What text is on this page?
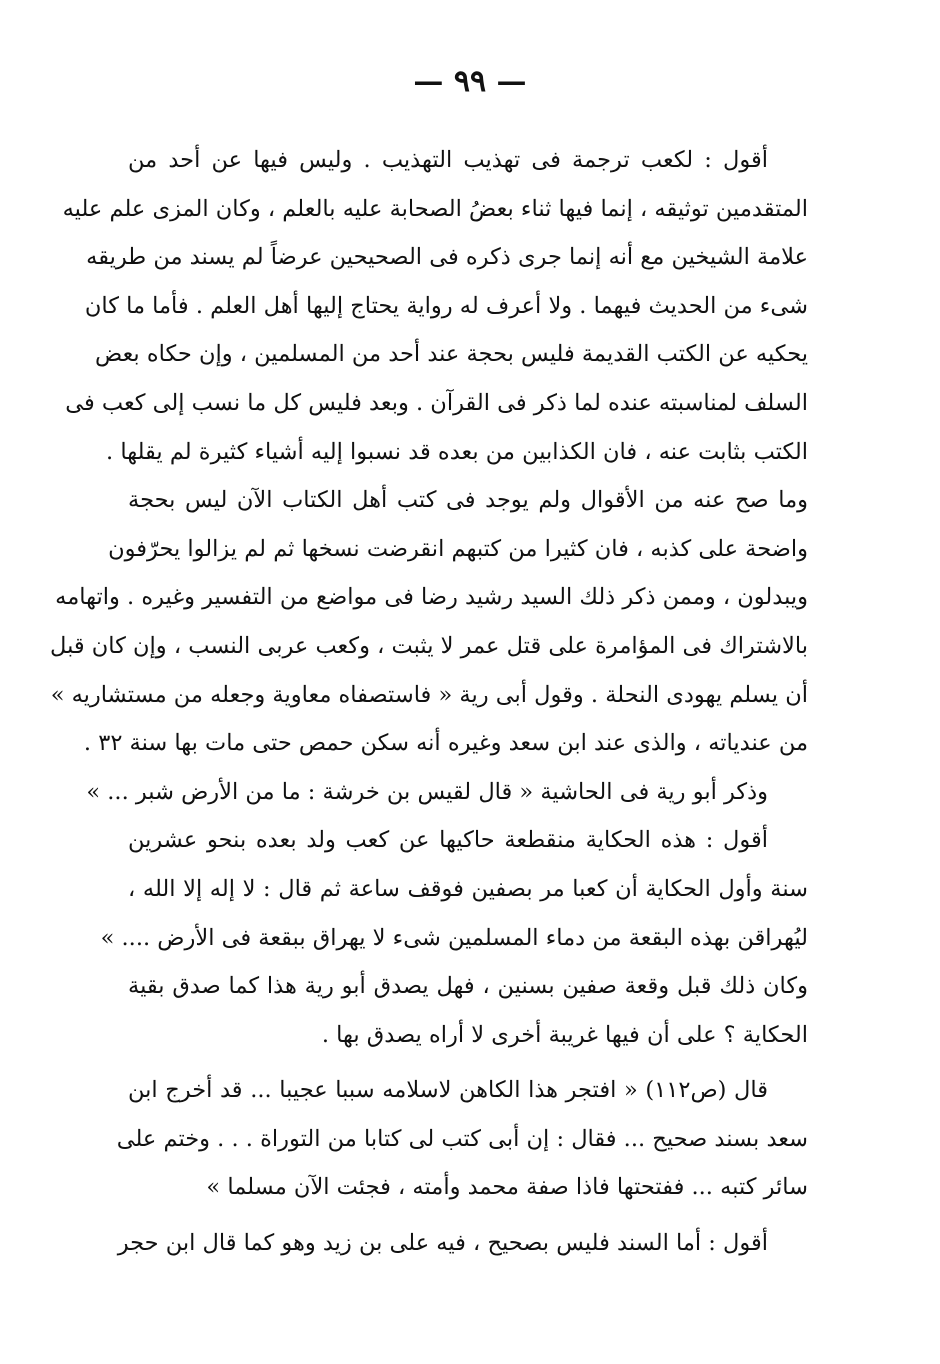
— ٩٩ —
أقول : لكعب ترجمة فى تهذيب التهذيب . وليس فيها عن أحد من
المتقدمين توثيقه ، إنما فيها ثناء بعضُ الصحابة عليه بالعلم ، وكان المزى علم عليه
علامة الشيخين مع أنه إنما جرى ذكره فى الصحيحين عرضاً لم يسند من طريقه
شىء من الحديث فيهما . ولا أعرف له رواية يحتاج إليها أهل العلم . فأما ما كان
يحكيه عن الكتب القديمة فليس بحجة عند أحد من المسلمين ، وإن حكاه بعض
السلف لمناسبته عنده لما ذكر فى القرآن . وبعد فليس كل ما نسب إلى كعب فى
الكتب بثابت عنه ، فان الكذابين من بعده قد نسبوا إليه أشياء كثيرة لم يقلها .
وما صح عنه من الأقوال ولم يوجد فى كتب أهل الكتاب الآن ليس بحجة
واضحة على كذبه ، فان كثيرا من كتبهم انقرضت نسخها ثم لم يزالوا يحرّفون
ويبدلون ، وممن ذكر ذلك السيد رشيد رضا فى مواضع من التفسير وغيره . واتهامه
بالاشتراك فى المؤامرة على قتل عمر لا يثبت ، وكعب عربى النسب ، وإن كان قبل
أن يسلم يهودى النحلة . وقول أبى رية « فاستصفاه معاوية وجعله من مستشاريه »
من عندياته ، والذى عند ابن سعد وغيره أنه سكن حمص حتى مات بها سنة ٣٢ .
وذكر أبو رية فى الحاشية « قال لقيس بن خرشة : ما من الأرض شبر ... »
أقول : هذه الحكاية منقطعة حاكيها عن كعب ولد بعده بنحو عشرين
سنة وأول الحكاية أن كعبا مر بصفين فوقف ساعة ثم قال : لا إله إلا الله ،
ليُهراقن بهذه البقعة من دماء المسلمين شىء لا يهراق ببقعة فى الأرض .... »
وكان ذلك قبل وقعة صفين بسنين ، فهل يصدق أبو رية هذا كما صدق بقية
الحكاية ؟ على أن فيها غريبة أخرى لا أراه يصدق بها .
قال (ص١١٢) « افتجر هذا الكاهن لاسلامه سببا عجيبا ... قد أخرج ابن
سعد بسند صحيح ... فقال : إن أبى كتب لى كتابا من التوراة . . . وختم على
سائر كتبه ... ففتحتها فاذا صفة محمد وأمته ، فجئت الآن مسلما »
أقول : أما السند فليس بصحيح ، فيه على بن زيد وهو كما قال ابن حجر
